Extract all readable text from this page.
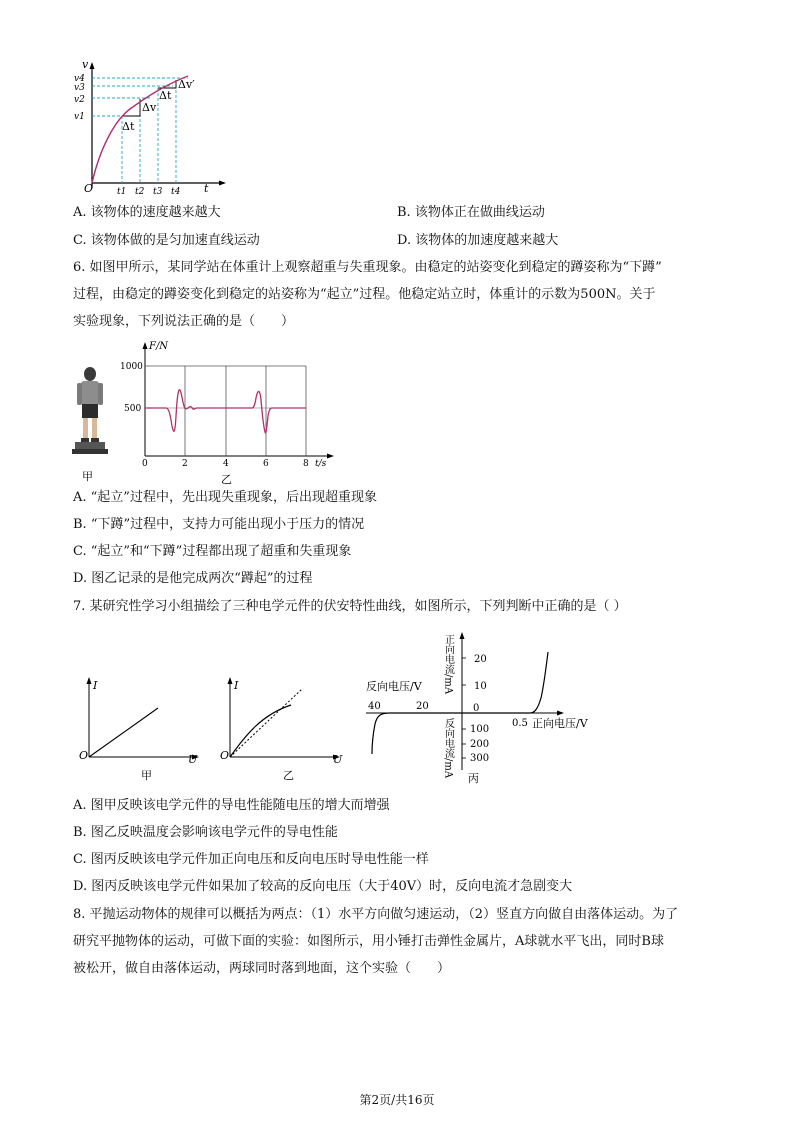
v
v4
v3
v2
v1
O	t1 t2 t3 t4 t
Δt
Δv
Δt
Δv′
A. 该物体的速度越来越大	B. 该物体正在做曲线运动
C. 该物体做的是匀加速直线运动	D. 该物体的加速度越来越大
6. 如图甲所示，某同学站在体重计上观察超重与失重现象。由稳定的站姿变化到稳定的蹲姿称为“下蹲”
过程，由稳定的蹲姿变化到稳定的站姿称为“起立”过程。他稳定站立时，体重计的示数为500N。关于
实验现象，下列说法正确的是（　　）
甲
F/N
1000
500
0	2	4	6	8 t/s
乙
A. “起立”过程中，先出现失重现象，后出现超重现象
B. “下蹲”过程中，支持力可能出现小于压力的情况
C. “起立”和“下蹲”过程都出现了超重和失重现象
D. 图乙记录的是他完成两次“蹲起”的过程
7. 某研究性学习小组描绘了三种电学元件的伏安特性曲线，如图所示，下列判断中正确的是（ ）
I
O	U
甲
I
O	U
乙
正向电流/mA
反向电流/mA
20
10
0
100
200
300
反向电压/V
40	20
0.5 正向电压/V
丙
A. 图甲反映该电学元件的导电性能随电压的增大而增强
B. 图乙反映温度会影响该电学元件的导电性能
C. 图丙反映该电学元件加正向电压和反向电压时导电性能一样
D. 图丙反映该电学元件如果加了较高的反向电压（大于40V）时，反向电流才急剧变大
8. 平抛运动物体的规律可以概括为两点：（1）水平方向做匀速运动，（2）竖直方向做自由落体运动。为了
研究平抛物体的运动，可做下面的实验：如图所示，用小锤打击弹性金属片，A球就水平飞出，同时B球
被松开，做自由落体运动，两球同时落到地面，这个实验（　　）
第2页/共16页
